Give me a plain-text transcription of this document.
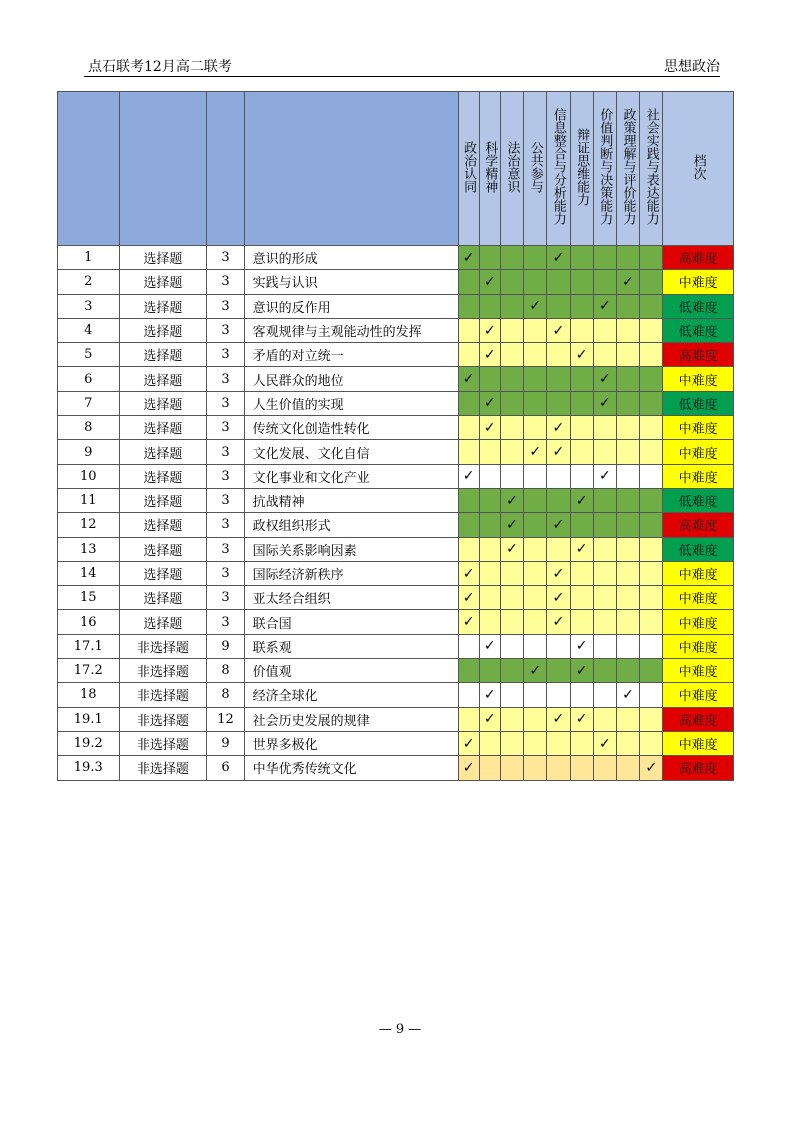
点石联考12月高二联考	思想政治
				政治认同	科学精神	法治意识	公共参与	信息整合与分析能力	辩证思维能力	价值判断与决策能力	政策理解与评价能力	社会实践与表达能力	档次
1	选择题	3	意识的形成	✓				✓					高难度
2	选择题	3	实践与认识		✓						✓		中难度
3	选择题	3	意识的反作用				✓			✓			低难度
4	选择题	3	客观规律与主观能动性的发挥		✓			✓					低难度
5	选择题	3	矛盾的对立统一		✓				✓				高难度
6	选择题	3	人民群众的地位	✓						✓			中难度
7	选择题	3	人生价值的实现		✓					✓			低难度
8	选择题	3	传统文化创造性转化		✓			✓					中难度
9	选择题	3	文化发展、文化自信				✓	✓					中难度
10	选择题	3	文化事业和文化产业	✓						✓			中难度
11	选择题	3	抗战精神			✓			✓				低难度
12	选择题	3	政权组织形式			✓		✓					高难度
13	选择题	3	国际关系影响因素			✓			✓				低难度
14	选择题	3	国际经济新秩序	✓				✓					中难度
15	选择题	3	亚太经合组织	✓				✓					中难度
16	选择题	3	联合国	✓				✓					中难度
17.1	非选择题	9	联系观		✓				✓				中难度
17.2	非选择题	8	价值观				✓		✓				中难度
18	非选择题	8	经济全球化		✓						✓		中难度
19.1	非选择题	12	社会历史发展的规律		✓			✓	✓				高难度
19.2	非选择题	9	世界多极化	✓						✓			中难度
19.3	非选择题	6	中华优秀传统文化	✓								✓	高难度
— 9 —
